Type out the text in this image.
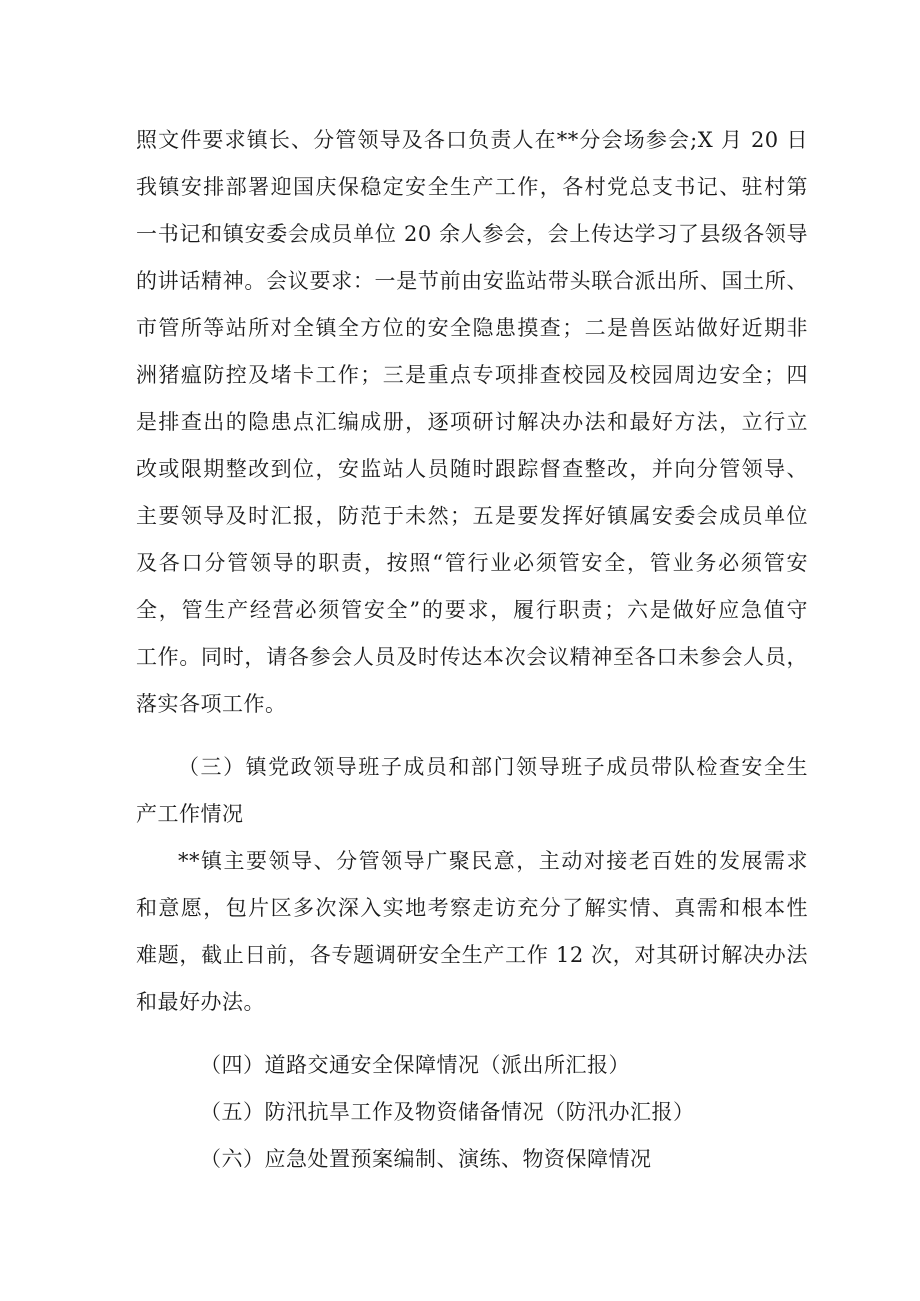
照文件要求镇长、分管领导及各口负责人在**分会场参会;X 月 20 日
我镇安排部署迎国庆保稳定安全生产工作，各村党总支书记、驻村第
一书记和镇安委会成员单位 20 余人参会，会上传达学习了县级各领导
的讲话精神。会议要求：一是节前由安监站带头联合派出所、国土所、
市管所等站所对全镇全方位的安全隐患摸查；二是兽医站做好近期非
洲猪瘟防控及堵卡工作；三是重点专项排查校园及校园周边安全；四
是排查出的隐患点汇编成册，逐项研讨解决办法和最好方法，立行立
改或限期整改到位，安监站人员随时跟踪督查整改，并向分管领导、
主要领导及时汇报，防范于未然；五是要发挥好镇属安委会成员单位
及各口分管领导的职责，按照“管行业必须管安全，管业务必须管安
全，管生产经营必须管安全”的要求，履行职责；六是做好应急值守
工作。同时，请各参会人员及时传达本次会议精神至各口未参会人员，
落实各项工作。
（三）镇党政领导班子成员和部门领导班子成员带队检查安全生
产工作情况
**镇主要领导、分管领导广聚民意，主动对接老百姓的发展需求
和意愿，包片区多次深入实地考察走访充分了解实情、真需和根本性
难题，截止日前，各专题调研安全生产工作 12 次，对其研讨解决办法
和最好办法。
（四）道路交通安全保障情况（派出所汇报）
（五）防汛抗旱工作及物资储备情况（防汛办汇报）
（六）应急处置预案编制、演练、物资保障情况
